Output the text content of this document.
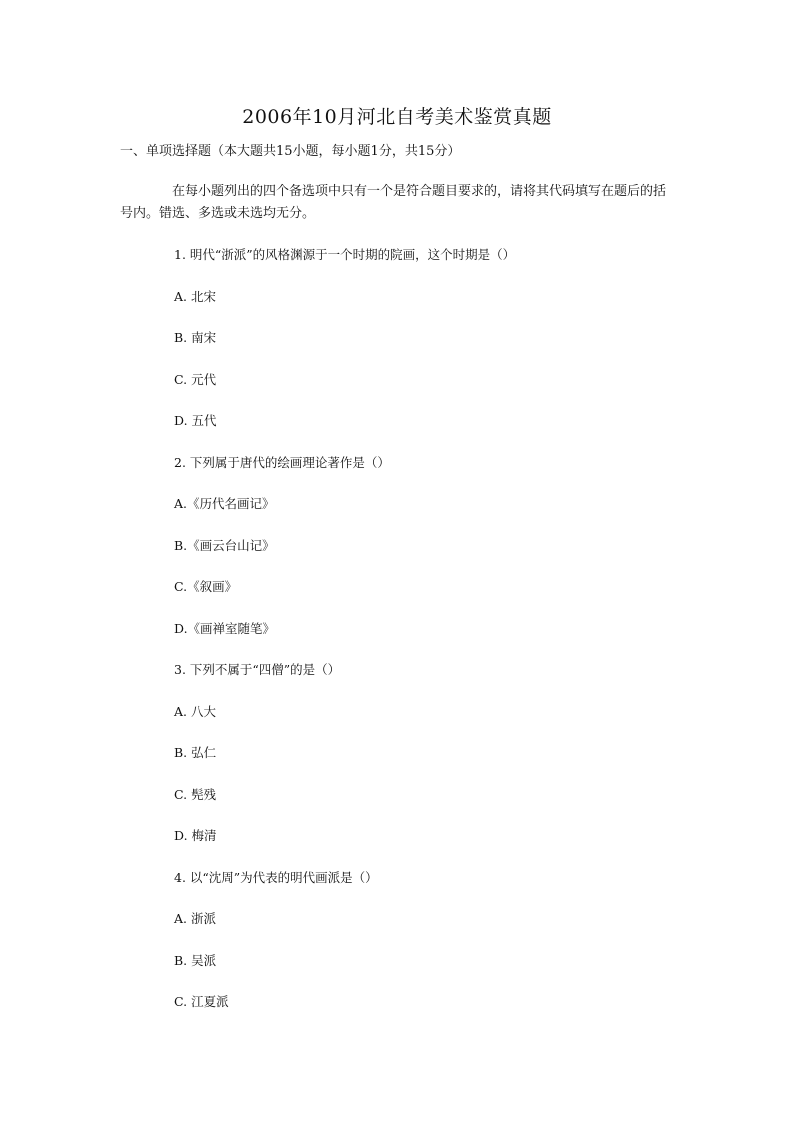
2006年10月河北自考美术鉴赏真题

一、单项选择题（本大题共15小题，每小题1分，共15分）

在每小题列出的四个备选项中只有一个是符合题目要求的，请将其代码填写在题后的括号内。错选、多选或未选均无分。

1. 明代“浙派”的风格渊源于一个时期的院画，这个时期是（）

A. 北宋

B. 南宋

C. 元代

D. 五代

2. 下列属于唐代的绘画理论著作是（）

A.《历代名画记》

B.《画云台山记》

C.《叙画》

D.《画禅室随笔》

3. 下列不属于“四僧”的是（）

A. 八大

B. 弘仁

C. 髡残

D. 梅清

4. 以“沈周”为代表的明代画派是（）

A. 浙派

B. 吴派

C. 江夏派
